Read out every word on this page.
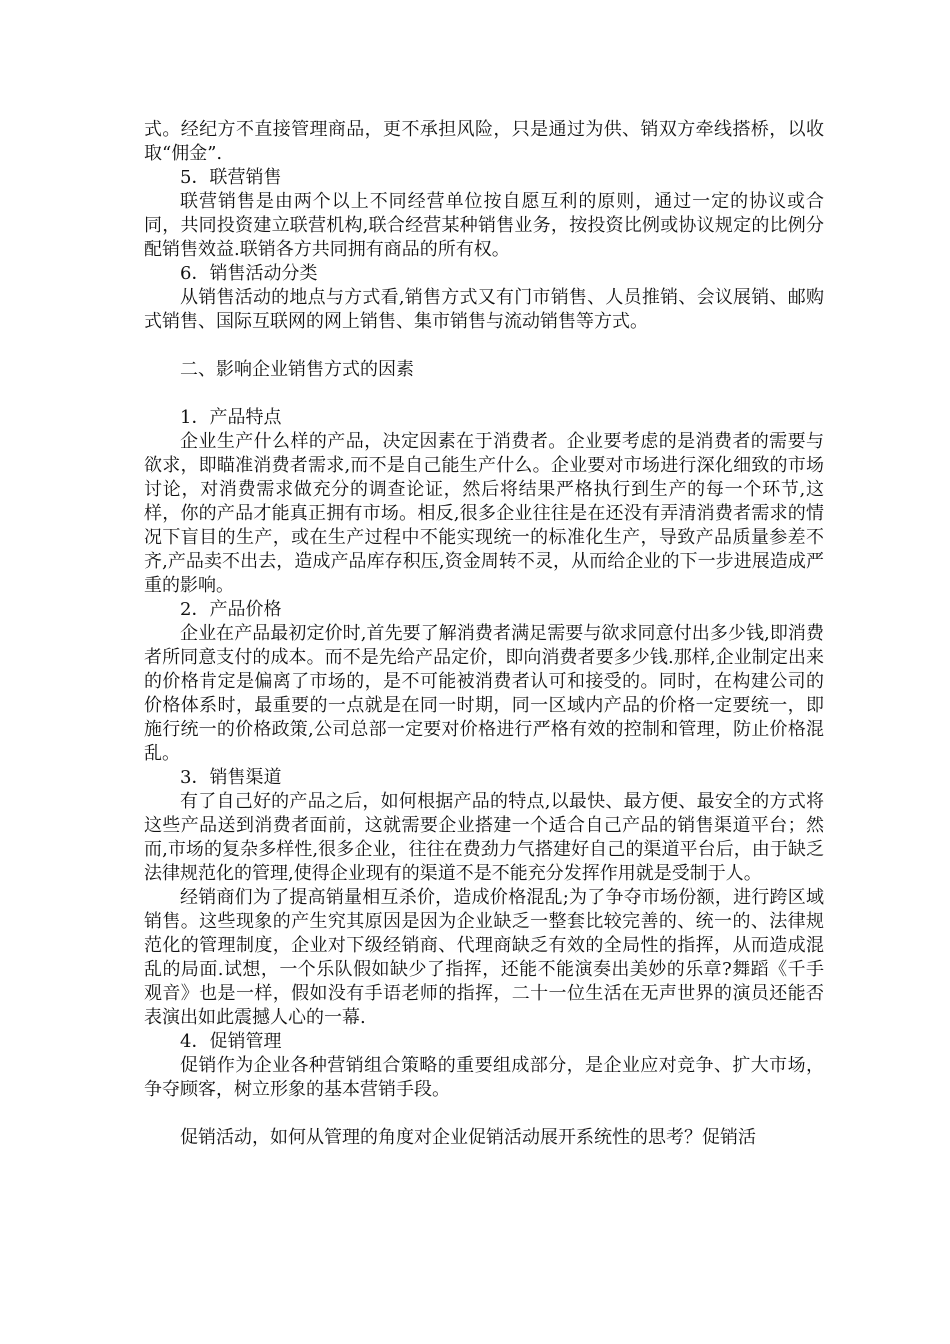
式。经纪方不直接管理商品，更不承担风险，只是通过为供、销双方牵线搭桥，以收取“佣金”.

5．联营销售

联营销售是由两个以上不同经营单位按自愿互利的原则，通过一定的协议或合同，共同投资建立联营机构,联合经营某种销售业务，按投资比例或协议规定的比例分配销售效益.联销各方共同拥有商品的所有权。

6．销售活动分类

从销售活动的地点与方式看,销售方式又有门市销售、人员推销、会议展销、邮购式销售、国际互联网的网上销售、集市销售与流动销售等方式。

二、影响企业销售方式的因素

1．产品特点

企业生产什么样的产品，决定因素在于消费者。企业要考虑的是消费者的需要与欲求，即瞄准消费者需求,而不是自己能生产什么。企业要对市场进行深化细致的市场讨论，对消费需求做充分的调查论证，然后将结果严格执行到生产的每一个环节,这样，你的产品才能真正拥有市场。相反,很多企业往往是在还没有弄清消费者需求的情况下盲目的生产，或在生产过程中不能实现统一的标准化生产，导致产品质量参差不齐,产品卖不出去，造成产品库存积压,资金周转不灵，从而给企业的下一步进展造成严重的影响。

2．产品价格

企业在产品最初定价时,首先要了解消费者满足需要与欲求同意付出多少钱,即消费者所同意支付的成本。而不是先给产品定价，即向消费者要多少钱.那样,企业制定出来的价格肯定是偏离了市场的，是不可能被消费者认可和接受的。同时，在构建公司的价格体系时，最重要的一点就是在同一时期，同一区域内产品的价格一定要统一，即施行统一的价格政策,公司总部一定要对价格进行严格有效的控制和管理，防止价格混乱。

3．销售渠道

有了自己好的产品之后，如何根据产品的特点,以最快、最方便、最安全的方式将这些产品送到消费者面前，这就需要企业搭建一个适合自己产品的销售渠道平台；然而,市场的复杂多样性,很多企业，往往在费劲力气搭建好自己的渠道平台后，由于缺乏法律规范化的管理,使得企业现有的渠道不是不能充分发挥作用就是受制于人。

经销商们为了提高销量相互杀价，造成价格混乱;为了争夺市场份额，进行跨区域销售。这些现象的产生究其原因是因为企业缺乏一整套比较完善的、统一的、法律规范化的管理制度，企业对下级经销商、代理商缺乏有效的全局性的指挥，从而造成混乱的局面.试想，一个乐队假如缺少了指挥，还能不能演奏出美妙的乐章?舞蹈《千手观音》也是一样，假如没有手语老师的指挥，二十一位生活在无声世界的演员还能否表演出如此震撼人心的一幕.

4．促销管理

促销作为企业各种营销组合策略的重要组成部分，是企业应对竞争、扩大市场，争夺顾客，树立形象的基本营销手段。

促销活动，如何从管理的角度对企业促销活动展开系统性的思考？促销活
